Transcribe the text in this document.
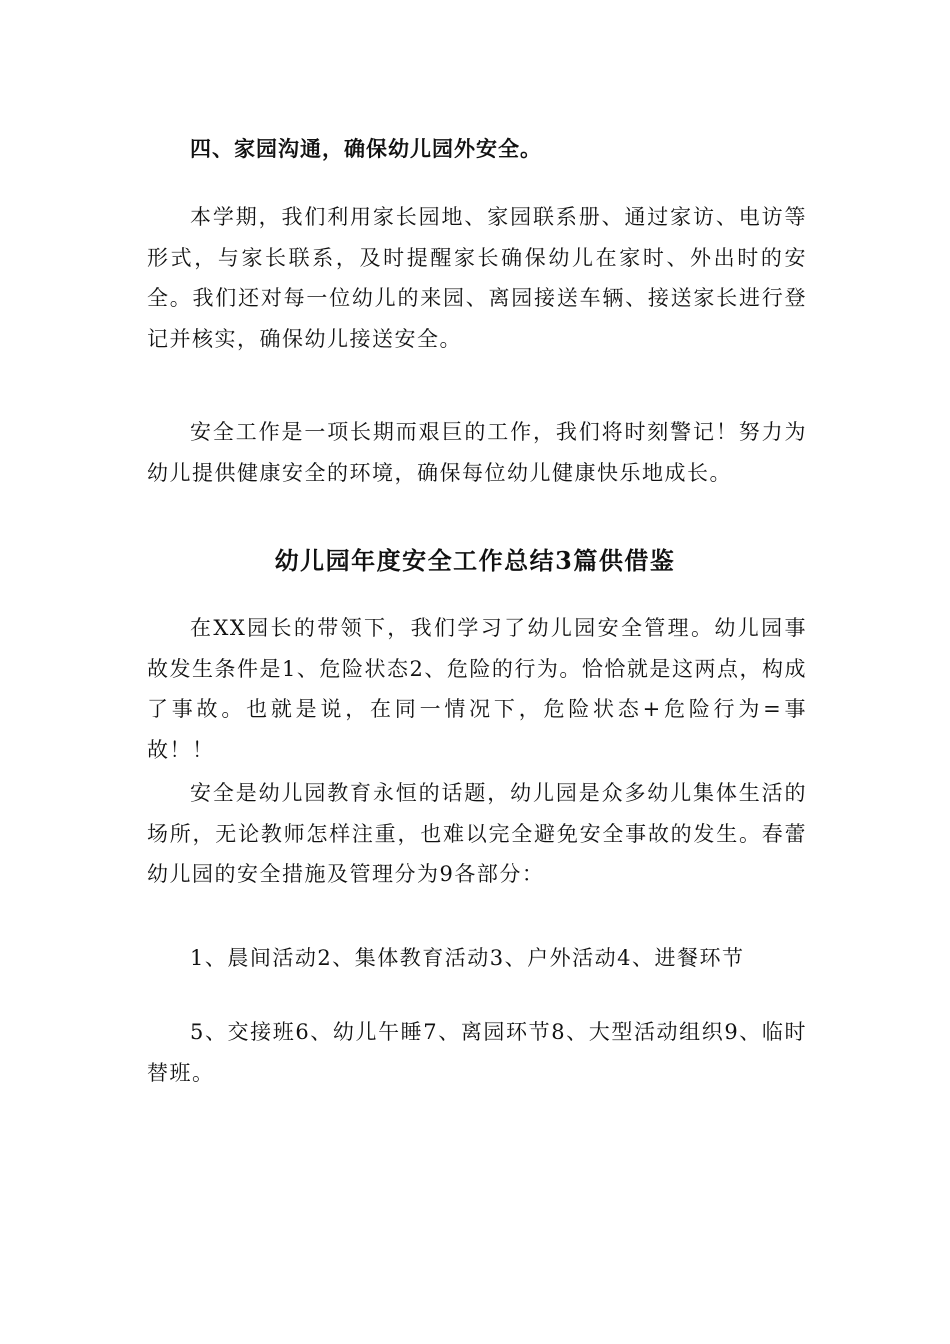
四、家园沟通，确保幼儿园外安全。

本学期，我们利用家长园地、家园联系册、通过家访、电访等形式，与家长联系，及时提醒家长确保幼儿在家时、外出时的安全。我们还对每一位幼儿的来园、离园接送车辆、接送家长进行登记并核实，确保幼儿接送安全。

安全工作是一项长期而艰巨的工作，我们将时刻警记！努力为幼儿提供健康安全的环境，确保每位幼儿健康快乐地成长。

幼儿园年度安全工作总结3篇供借鉴

在XX园长的带领下，我们学习了幼儿园安全管理。幼儿园事故发生条件是1、危险状态2、危险的行为。恰恰就是这两点，构成了事故。也就是说，在同一情况下，危险状态+危险行为=事故！！

安全是幼儿园教育永恒的话题，幼儿园是众多幼儿集体生活的场所，无论教师怎样注重，也难以完全避免安全事故的发生。春蕾幼儿园的安全措施及管理分为9各部分：

1、晨间活动2、集体教育活动3、户外活动4、进餐环节

5、交接班6、幼儿午睡7、离园环节8、大型活动组织9、临时替班。
